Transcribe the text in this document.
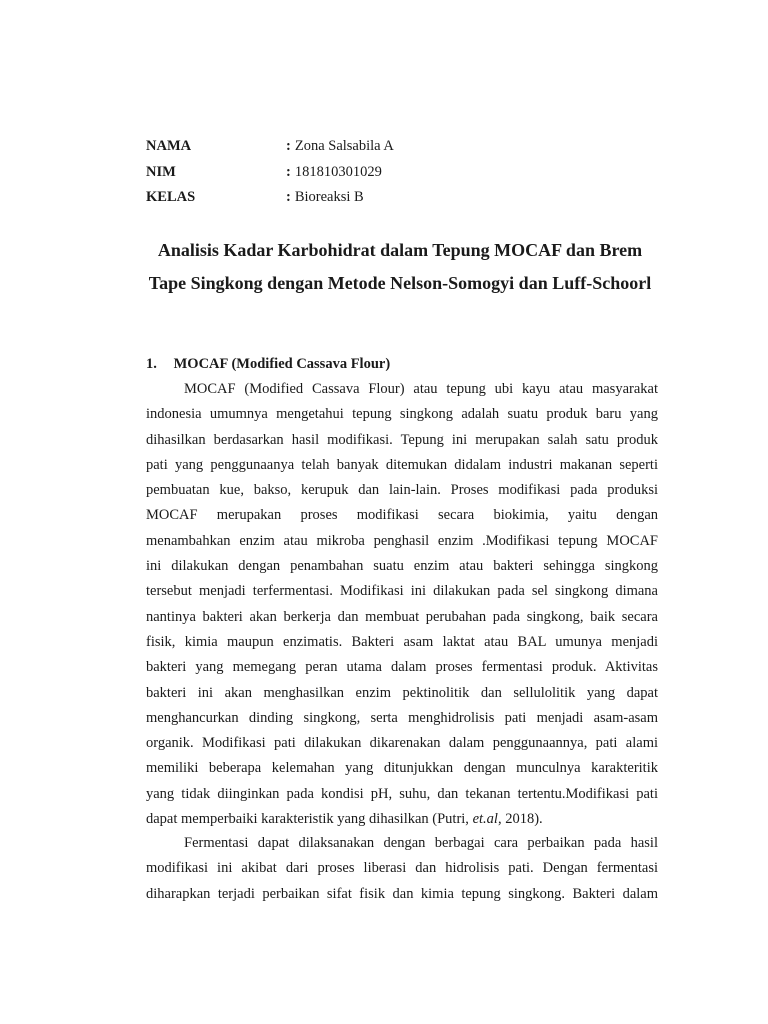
NAMA	: Zona Salsabila A
NIM	: 181810301029
KELAS	: Bioreaksi B
Analisis Kadar Karbohidrat dalam Tepung MOCAF dan Brem
Tape Singkong dengan Metode Nelson-Somogyi dan Luff-Schoorl
1. MOCAF (Modified Cassava Flour)
MOCAF (Modified Cassava Flour) atau tepung ubi kayu atau masyarakat
indonesia umumnya mengetahui tepung singkong adalah suatu produk baru yang
dihasilkan berdasarkan hasil modifikasi. Tepung ini merupakan salah satu produk
pati yang penggunaanya telah banyak ditemukan didalam industri makanan seperti
pembuatan kue, bakso, kerupuk dan lain-lain. Proses modifikasi pada produksi
MOCAF merupakan proses modifikasi secara biokimia, yaitu dengan
menambahkan enzim atau mikroba penghasil enzim .Modifikasi tepung MOCAF
ini dilakukan dengan penambahan suatu enzim atau bakteri sehingga singkong
tersebut menjadi terfermentasi. Modifikasi ini dilakukan pada sel singkong dimana
nantinya bakteri akan berkerja dan membuat perubahan pada singkong, baik secara
fisik, kimia maupun enzimatis. Bakteri asam laktat atau BAL umunya menjadi
bakteri yang memegang peran utama dalam proses fermentasi produk. Aktivitas
bakteri ini akan menghasilkan enzim pektinolitik dan sellulolitik yang dapat
menghancurkan dinding singkong, serta menghidrolisis pati menjadi asam-asam
organik. Modifikasi pati dilakukan dikarenakan dalam penggunaannya, pati alami
memiliki beberapa kelemahan yang ditunjukkan dengan munculnya karakteritik
yang tidak diinginkan pada kondisi pH, suhu, dan tekanan tertentu.Modifikasi pati
dapat memperbaiki karakteristik yang dihasilkan (Putri, et.al, 2018).
Fermentasi dapat dilaksanakan dengan berbagai cara perbaikan pada hasil
modifikasi ini akibat dari proses liberasi dan hidrolisis pati. Dengan fermentasi
diharapkan terjadi perbaikan sifat fisik dan kimia tepung singkong. Bakteri dalam
